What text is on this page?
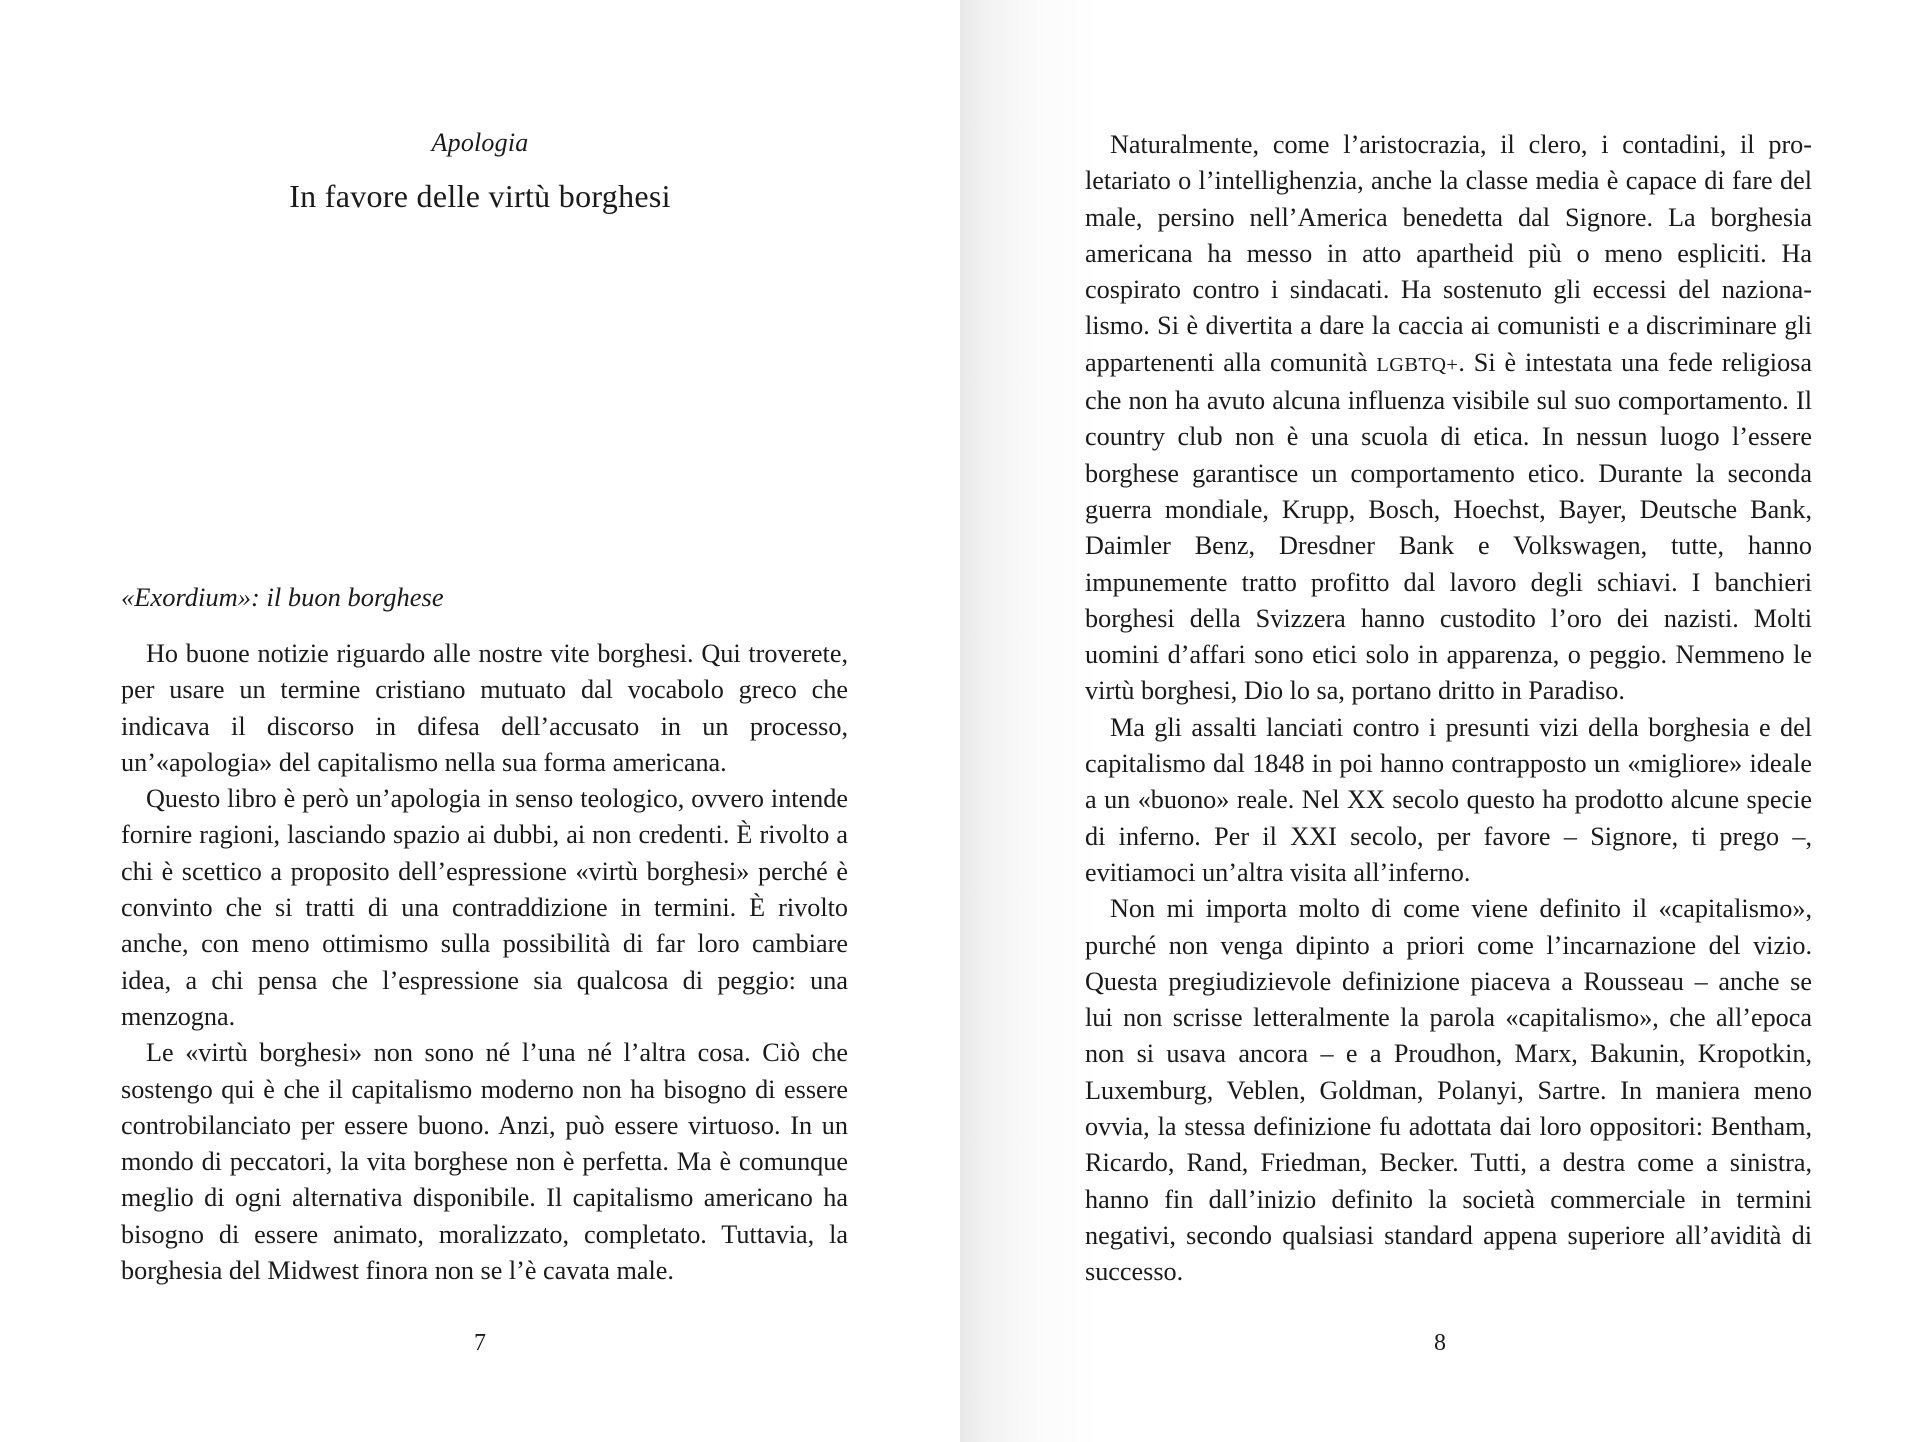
Apologia
In favore delle virtù borghesi
«Exordium»: il buon borghese

Ho buone notizie riguardo alle nostre vite borghesi. Qui troverete, per usare un termine cristiano mutuato dal vocabolo greco che indicava il discorso in difesa dell’accusato in un processo, un’«apologia» del capitalismo nella sua forma americana.

Questo libro è però un’apologia in senso teologico, ovvero intende fornire ragioni, lasciando spazio ai dubbi, ai non credenti. È rivolto a chi è scettico a proposito dell’espressione «virtù borghesi» perché è convinto che si tratti di una contraddizione in termini. È rivolto anche, con meno ottimismo sulla possibilità di far loro cambiare idea, a chi pensa che l’espressione sia qualcosa di peggio: una menzogna.

Le «virtù borghesi» non sono né l’una né l’altra cosa. Ciò che sostengo qui è che il capitalismo moderno non ha bisogno di essere controbilanciato per essere buono. Anzi, può essere virtuoso. In un mondo di peccatori, la vita borghese non è perfetta. Ma è comunque meglio di ogni alternativa disponibile. Il capitalismo americano ha bisogno di essere animato, moralizzato, completato. Tuttavia, la borghesia del Midwest finora non se l’è cavata male.

7

Naturalmente, come l’aristocrazia, il clero, i contadini, il proletariato o l’intellighenzia, anche la classe media è capace di fare del male, persino nell’America benedetta dal Signore. La borghesia americana ha messo in atto apartheid più o meno espliciti. Ha cospirato contro i sindacati. Ha sostenuto gli eccessi del nazionalismo. Si è divertita a dare la caccia ai comunisti e a discriminare gli appartenenti alla comunità LGBTQ+. Si è intestata una fede religiosa che non ha avuto alcuna influenza visibile sul suo comportamento. Il country club non è una scuola di etica. In nessun luogo l’essere borghese garantisce un comportamento etico. Durante la seconda guerra mondiale, Krupp, Bosch, Hoechst, Bayer, Deutsche Bank, Daimler Benz, Dresdner Bank e Volkswagen, tutte, hanno impunemente tratto profitto dal lavoro degli schiavi. I banchieri borghesi della Svizzera hanno custodito l’oro dei nazisti. Molti uomini d’affari sono etici solo in apparenza, o peggio. Nemmeno le virtù borghesi, Dio lo sa, portano dritto in Paradiso.

Ma gli assalti lanciati contro i presunti vizi della borghesia e del capitalismo dal 1848 in poi hanno contrapposto un «migliore» ideale a un «buono» reale. Nel XX secolo questo ha prodotto alcune specie di inferno. Per il XXI secolo, per favore – Signore, ti prego –, evitiamoci un’altra visita all’inferno.

Non mi importa molto di come viene definito il «capitalismo», purché non venga dipinto a priori come l’incarnazione del vizio. Questa pregiudizievole definizione piaceva a Rousseau – anche se lui non scrisse letteralmente la parola «capitalismo», che all’epoca non si usava ancora – e a Proudhon, Marx, Bakunin, Kropotkin, Luxemburg, Veblen, Goldman, Polanyi, Sartre. In maniera meno ovvia, la stessa definizione fu adottata dai loro oppositori: Bentham, Ricardo, Rand, Friedman, Becker. Tutti, a destra come a sinistra, hanno fin dall’inizio definito la società commerciale in termini negativi, secondo qualsiasi standard appena superiore all’avidità di successo.

8
